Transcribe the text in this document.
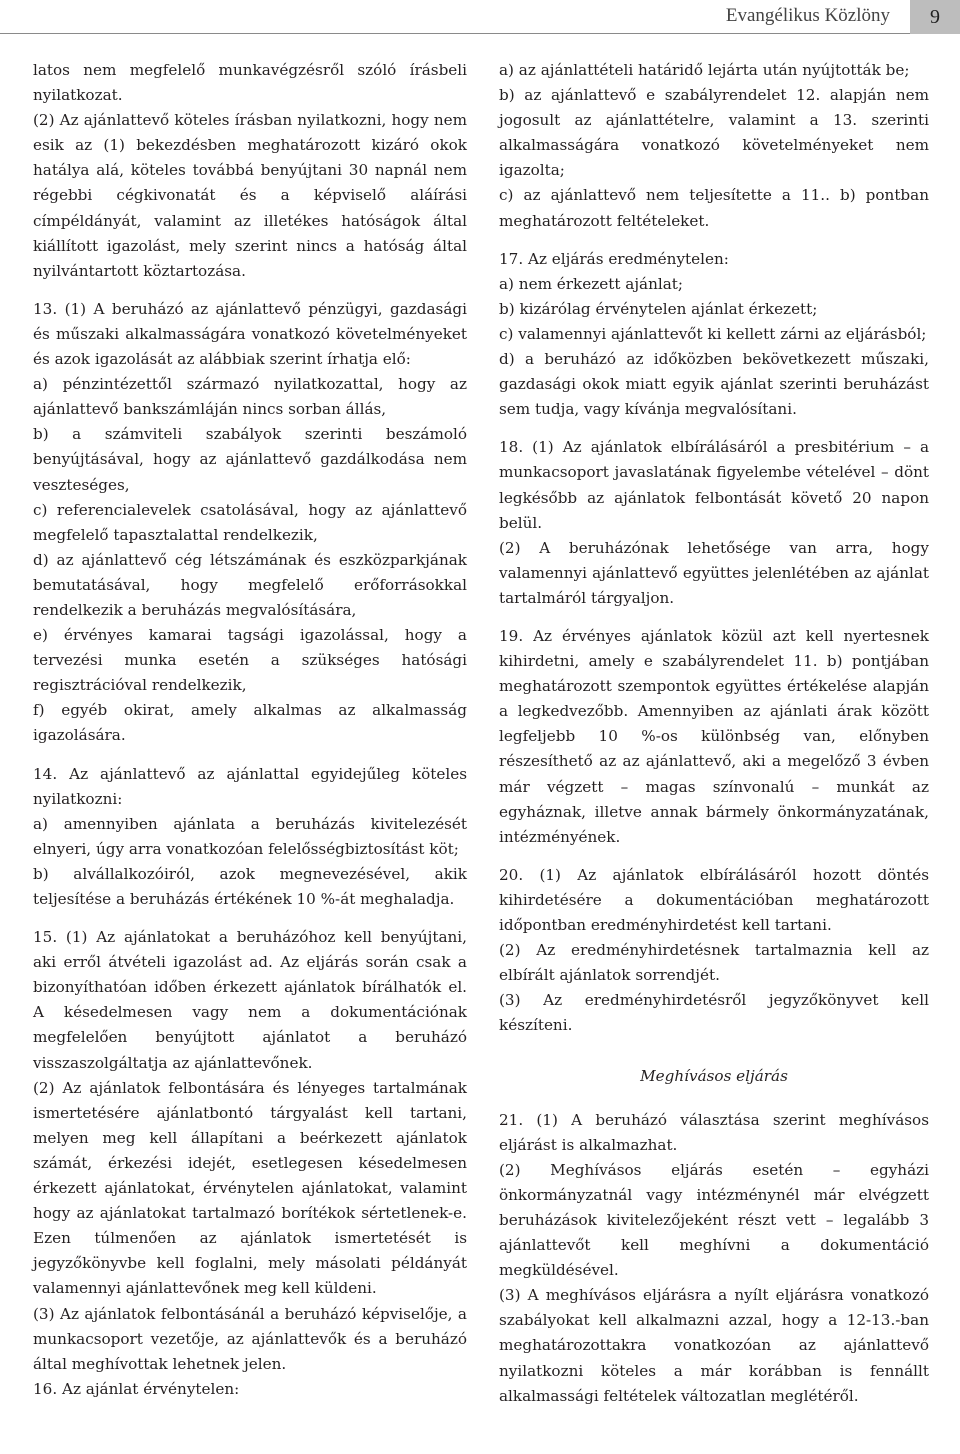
Evangélikus Közlöny	9

latos nem megfelelő munkavégzésről szóló írásbeli nyilatkozat.

(2) Az ajánlattevő köteles írásban nyilatkozni, hogy nem esik az (1) bekezdésben meghatározott kizáró okok hatálya alá, köteles továbbá benyújtani 30 napnál nem régebbi cégkivonatát és a képviselő aláírási címpéldányát, valamint az illetékes hatóságok által kiállított igazolást, mely szerint nincs a hatóság által nyilvántartott köztartozása.

13. (1) A beruházó az ajánlattevő pénzügyi, gazdasági és műszaki alkalmasságára vonatkozó követelményeket és azok igazolását az alábbiak szerint írhatja elő:

a) pénzintézettől származó nyilatkozattal, hogy az ajánlattevő bankszámláján nincs sorban állás,

b) a számviteli szabályok szerinti beszámoló benyújtásával, hogy az ajánlattevő gazdálkodása nem veszteséges,

c) referencialevelek csatolásával, hogy az ajánlattevő megfelelő tapasztalattal rendelkezik,

d) az ajánlattevő cég létszámának és eszközparkjának bemutatásával, hogy megfelelő erőforrásokkal rendelkezik a beruházás megvalósítására,

e) érvényes kamarai tagsági igazolással, hogy a tervezési munka esetén a szükséges hatósági regisztrációval rendelkezik,

f) egyéb okirat, amely alkalmas az alkalmasság igazolására.

14. Az ajánlattevő az ajánlattal egyidejűleg köteles nyilatkozni:

a) amennyiben ajánlata a beruházás kivitelezését elnyeri, úgy arra vonatkozóan felelősségbiztosítást köt;

b) alvállalkozóiról, azok megnevezésével, akik teljesítése a beruházás értékének 10 %-át meghaladja.

15. (1) Az ajánlatokat a beruházóhoz kell benyújtani, aki erről átvételi igazolást ad. Az eljárás során csak a bizonyíthatóan időben érkezett ajánlatok bírálhatók el. A késedelmesen vagy nem a dokumentációnak megfelelően benyújtott ajánlatot a beruházó visszaszolgáltatja az ajánlattevőnek.

(2) Az ajánlatok felbontására és lényeges tartalmának ismertetésére ajánlatbontó tárgyalást kell tartani, melyen meg kell állapítani a beérkezett ajánlatok számát, érkezési idejét, esetlegesen késedelmesen érkezett ajánlatokat, érvénytelen ajánlatokat, valamint hogy az ajánlatokat tartalmazó borítékok sértetlenek-e. Ezen túlmenően az ajánlatok ismertetését is jegyzőkönyvbe kell foglalni, mely másolati példányát valamennyi ajánlattevőnek meg kell küldeni.

(3) Az ajánlatok felbontásánál a beruházó képviselője, a munkacsoport vezetője, az ajánlattevők és a beruházó által meghívottak lehetnek jelen.

16. Az ajánlat érvénytelen:

a) az ajánlattételi határidő lejárta után nyújtották be;

b) az ajánlattevő e szabályrendelet 12. alapján nem jogosult az ajánlattételre, valamint a 13. szerinti alkalmasságára vonatkozó követelményeket nem igazolta;

c) az ajánlattevő nem teljesítette a 11.. b) pontban meghatározott feltételeket.

17. Az eljárás eredménytelen:

a) nem érkezett ajánlat;

b) kizárólag érvénytelen ajánlat érkezett;

c) valamennyi ajánlattevőt ki kellett zárni az eljárásból;

d) a beruházó az időközben bekövetkezett műszaki, gazdasági okok miatt egyik ajánlat szerinti beruházást sem tudja, vagy kívánja megvalósítani.

18. (1) Az ajánlatok elbírálásáról a presbitérium – a munkacsoport javaslatának figyelembe vételével – dönt legkésőbb az ajánlatok felbontását követő 20 napon belül.

(2) A beruházónak lehetősége van arra, hogy valamennyi ajánlattevő együttes jelenlétében az ajánlat tartalmáról tárgyaljon.

19. Az érvényes ajánlatok közül azt kell nyertesnek kihirdetni, amely e szabályrendelet 11. b) pontjában meghatározott szempontok együttes értékelése alapján a legkedvezőbb. Amennyiben az ajánlati árak között legfeljebb 10 %-os különbség van, előnyben részesíthető az az ajánlattevő, aki a megelőző 3 évben már végzett – magas színvonalú – munkát az egyháznak, illetve annak bármely önkormányzatának, intézményének.

20. (1) Az ajánlatok elbírálásáról hozott döntés kihirdetésére a dokumentációban meghatározott időpontban eredményhirdetést kell tartani.

(2) Az eredményhirdetésnek tartalmaznia kell az elbírált ajánlatok sorrendjét.

(3) Az eredményhirdetésről jegyzőkönyvet kell készíteni.

Meghívásos eljárás

21. (1) A beruházó választása szerint meghívásos eljárást is alkalmazhat.

(2) Meghívásos eljárás esetén – egyházi önkormányzatnál vagy intézménynél már elvégzett beruházások kivitelezőjeként részt vett – legalább 3 ajánlattevőt kell meghívni a dokumentáció megküldésével.

(3) A meghívásos eljárásra a nyílt eljárásra vonatkozó szabályokat kell alkalmazni azzal, hogy a 12-13.-ban meghatározottakra vonatkozóan az ajánlattevő nyilatkozni köteles a már korábban is fennállt alkalmassági feltételek változatlan meglétéről.
